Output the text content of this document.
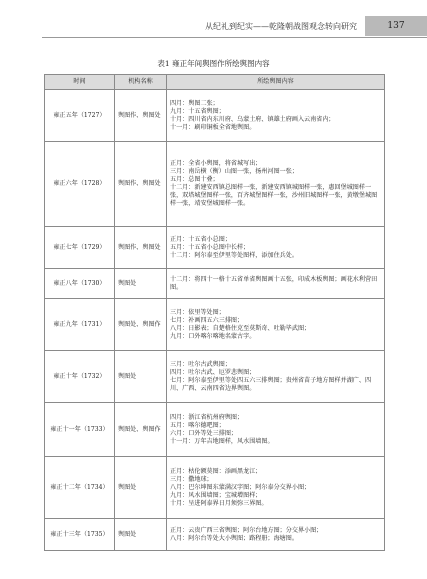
从纪礼到纪实——乾隆朝战图观念转向研究	137
表1 雍正年间舆图作所绘舆图内容
时间	机构名称	所绘舆图内容
雍正五年（1727）	舆图作、舆图处	四月：舆图二张；
九月：十五省舆图；
十月：四川省内东川府、乌蒙土府、镇雄土府画入云南省内；
十一月：刷印铜板全省地舆图。

雍正六年（1728）	舆图作、舆图处	正月：全省小舆图，将省城写出；
三月：南岳横（衡）山图一张，扬州河图一张；
五月：总图十叠；
十二月：新建安西镇总图样一张，新建安西镇城图样一张，惠回堡城图样一张，双塔城堡图样一张，百齐城堡图样一张，沙州旧城图样一张，黄墩堡城图样一张，靖安堡城图样一张。

雍正七年（1729）	舆图作、舆图处	正月：十五省小总图；
五月：十五省小总图中长样；
十二月：阿尔泰至伊里等处图样，添加住兵处。

雍正八年（1730）	舆图处	十二月：将四十一格十五省单省舆图画十五张，印成木板舆图；画花水利营田图。

雍正九年（1731）	舆图处、舆图作	三月：依里等处图；
七月：补画四五六三排图；
八月：日影表；自楚格住克至莫斯奇、吐勒毕武图；
九月：口外喀尔喀地名蒙古字。

雍正十年（1732）	舆图处	三月：吐尔古武舆图；
四月：吐尔古武、厄罗悲舆图；
七月：阿尔泰至伊里等处四五六三排舆图；贵州省苗子地方图样并湖广、四川、广西、云南四省边界舆图。

雍正十一年（1733）	舆图处、舆图作	四月：浙江省杭州府舆图；
五月：喀尔德吧图；
六月：口外等处三排图；
十一月：万年吉地图样，风水围墙图。

雍正十二年（1734）	舆图处	正月：枯伦额莫图：添画黑龙江；
三月：撒地球；
八月：巴尔坤图东蒙满汉字图；阿尔泰分交界小图；
九月：风水围墙图；宝城增图样；
十月：呈进阿泰界日月须弥三界图。

雍正十三年（1735）	舆图处	正月：云贵广西三省舆图；阿尔台地方图；分交界小图；
八月：阿尔台等处大小舆图；路程册；海塘图。
